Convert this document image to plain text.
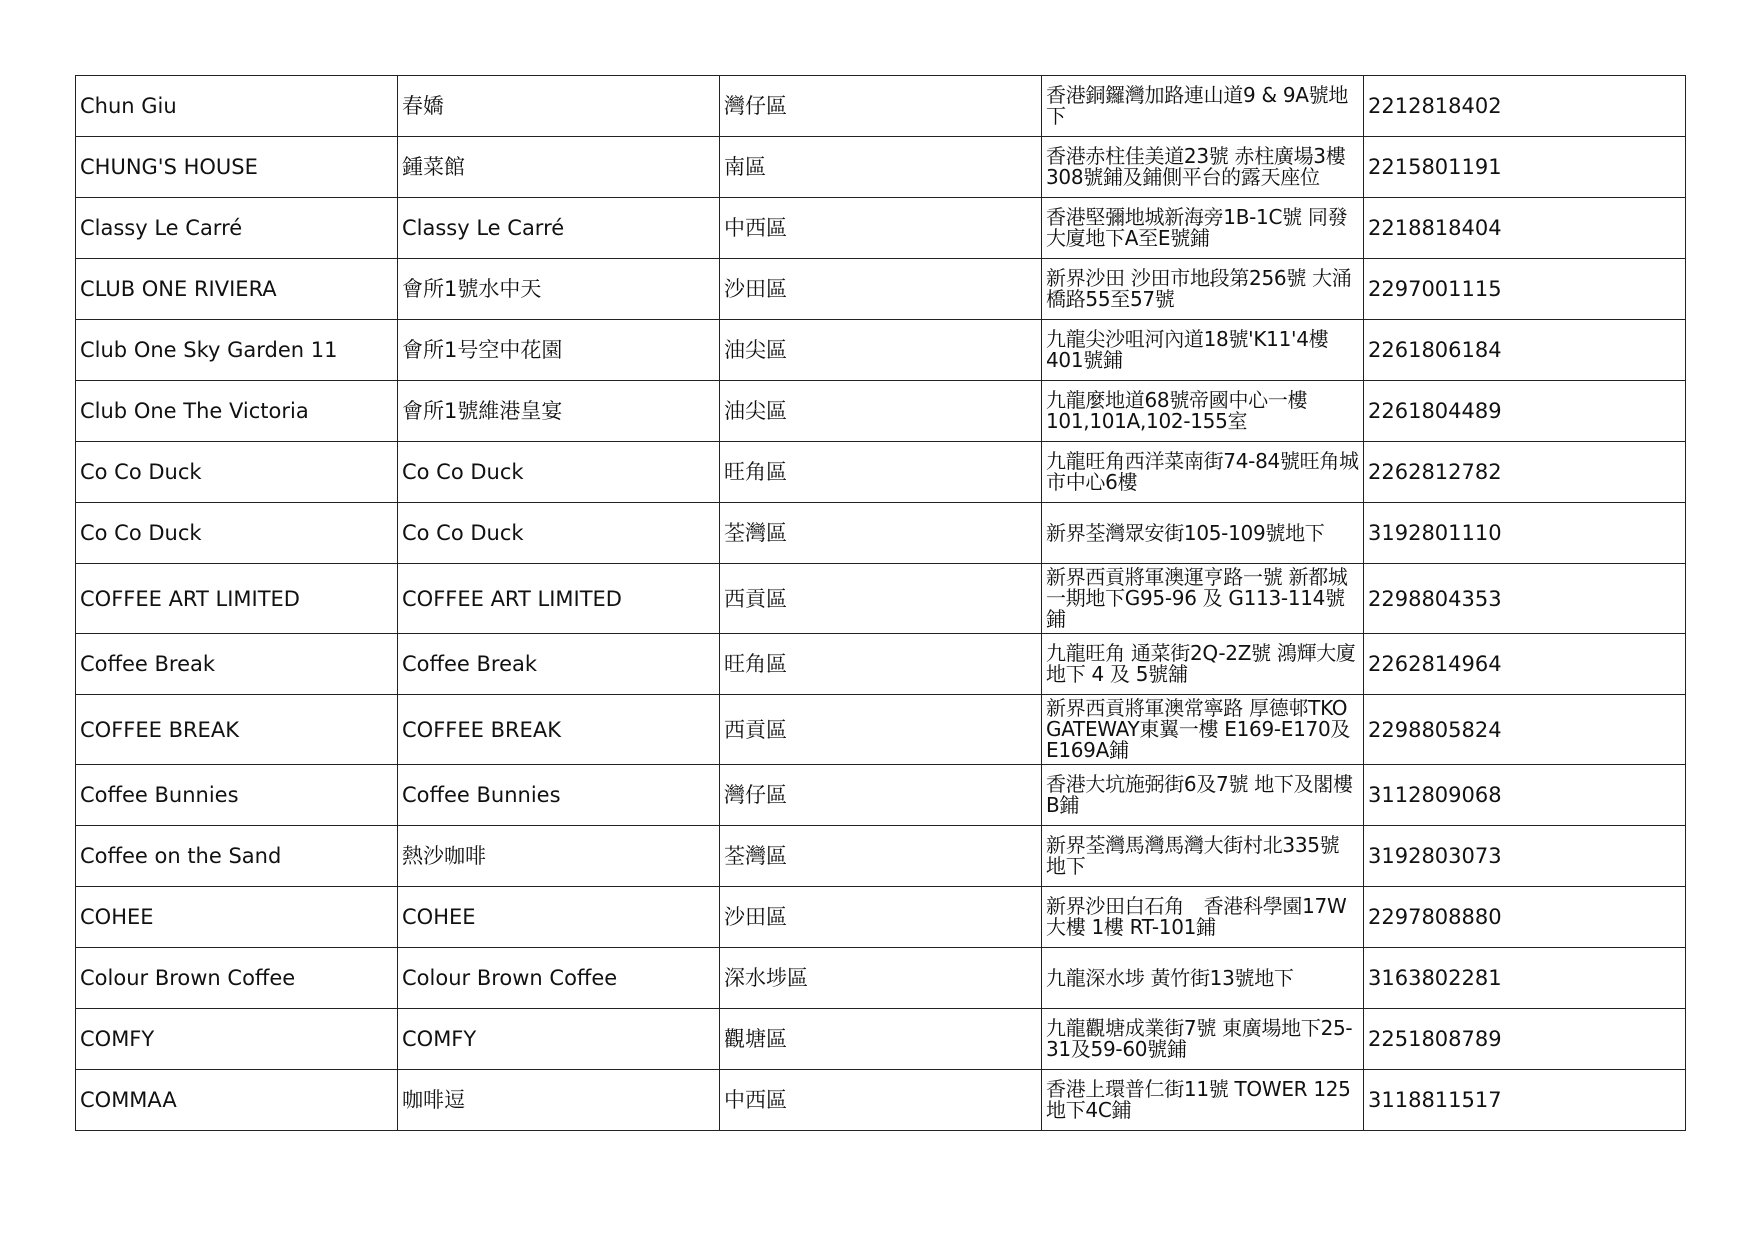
Chun Giu	春嬌	灣仔區	香港銅鑼灣加路連山道9 & 9A號地下	2212818402
CHUNG'S HOUSE	鍾菜館	南區	香港赤柱佳美道23號 赤柱廣場3樓308號鋪及鋪側平台的露天座位	2215801191
Classy Le Carré	Classy Le Carré	中西區	香港堅彌地城新海旁1B-1C號 同發大廈地下A至E號鋪	2218818404
CLUB ONE RIVIERA	會所1號水中天	沙田區	新界沙田 沙田市地段第256號 大涌橋路55至57號	2297001115
Club One Sky Garden 11	會所1号空中花園	油尖區	九龍尖沙咀河內道18號'K11'4樓401號鋪	2261806184
Club One The Victoria	會所1號維港皇宴	油尖區	九龍麼地道68號帝國中心一樓101,101A,102-155室	2261804489
Co Co Duck	Co Co Duck	旺角區	九龍旺角西洋菜南街74-84號旺角城市中心6樓	2262812782
Co Co Duck	Co Co Duck	荃灣區	新界荃灣眾安街105-109號地下	3192801110
COFFEE ART LIMITED	COFFEE ART LIMITED	西貢區	新界西貢將軍澳運亨路一號 新都城一期地下G95-96 及 G113-114號鋪	2298804353
Coffee Break	Coffee Break	旺角區	九龍旺角 通菜街2Q-2Z號 鴻輝大廈地下 4 及 5號舖	2262814964
COFFEE BREAK	COFFEE BREAK	西貢區	新界西貢將軍澳常寧路 厚德邨TKO GATEWAY東翼一樓 E169-E170及E169A鋪	2298805824
Coffee Bunnies	Coffee Bunnies	灣仔區	香港大坑施弼街6及7號 地下及閣樓B鋪	3112809068
Coffee on the Sand	熱沙咖啡	荃灣區	新界荃灣馬灣馬灣大街村北335號地下	3192803073
COHEE	COHEE	沙田區	新界沙田白石角　香港科學園17W大樓 1樓 RT-101鋪	2297808880
Colour Brown Coffee	Colour Brown Coffee	深水埗區	九龍深水埗 黃竹街13號地下	3163802281
COMFY	COMFY	觀塘區	九龍觀塘成業街7號 東廣場地下25-31及59-60號鋪	2251808789
COMMAA	咖啡逗	中西區	香港上環普仁街11號 TOWER 125地下4C鋪	3118811517
